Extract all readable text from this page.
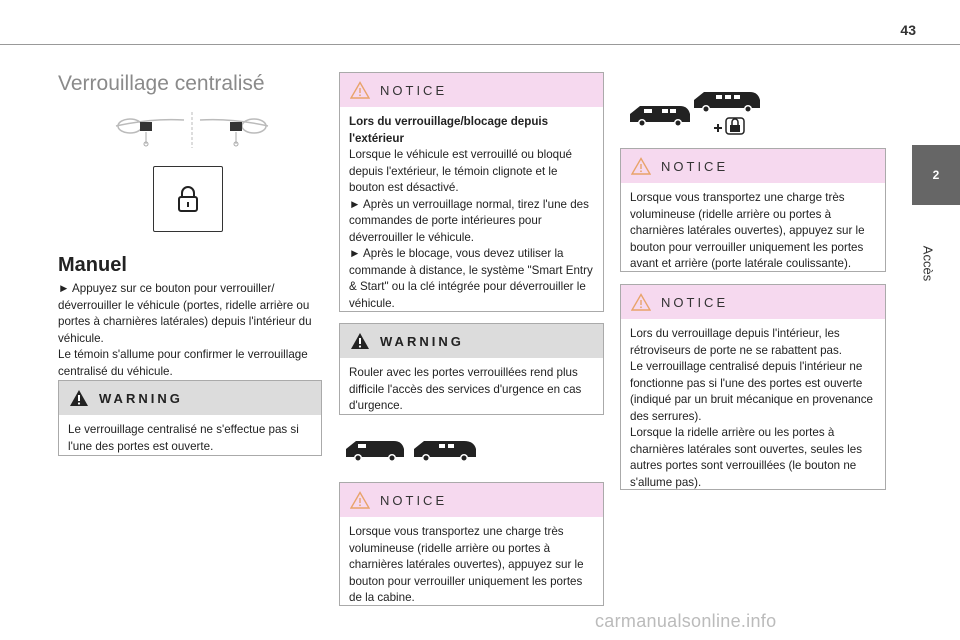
43
2
Accès
Verrouillage centralisé
Manuel
► Appuyez sur ce bouton pour verrouiller/ déverrouiller le véhicule (portes, ridelle arrière ou portes à charnières latérales) depuis l'intérieur du véhicule.
Le témoin s'allume pour confirmer le verrouillage centralisé du véhicule.
WARNING
Le verrouillage centralisé ne s'effectue pas si l'une des portes est ouverte.
NOTICE
Lors du verrouillage/blocage depuis l'extérieur
Lorsque le véhicule est verrouillé ou bloqué depuis l'extérieur, le témoin clignote et le bouton est désactivé.
► Après un verrouillage normal, tirez l'une des commandes de porte intérieures pour déverrouiller le véhicule.
► Après le blocage, vous devez utiliser la commande à distance, le système "Smart Entry & Start" ou la clé intégrée pour déverrouiller le véhicule.
WARNING
Rouler avec les portes verrouillées rend plus difficile l'accès des services d'urgence en cas d'urgence.
NOTICE
Lorsque vous transportez une charge très volumineuse (ridelle arrière ou portes à charnières latérales ouvertes), appuyez sur le bouton pour verrouiller uniquement les portes de la cabine.
NOTICE
Lorsque vous transportez une charge très volumineuse (ridelle arrière ou portes à charnières latérales ouvertes), appuyez sur le bouton pour verrouiller uniquement les portes avant et arrière (porte latérale coulissante).
NOTICE
Lors du verrouillage depuis l'intérieur, les rétroviseurs de porte ne se rabattent pas.
Le verrouillage centralisé depuis l'intérieur ne fonctionne pas si l'une des portes est ouverte (indiqué par un bruit mécanique en provenance des serrures).
Lorsque la ridelle arrière ou les portes à charnières latérales sont ouvertes, seules les autres portes sont verrouillées (le bouton ne s'allume pas).
carmanualsonline.info
